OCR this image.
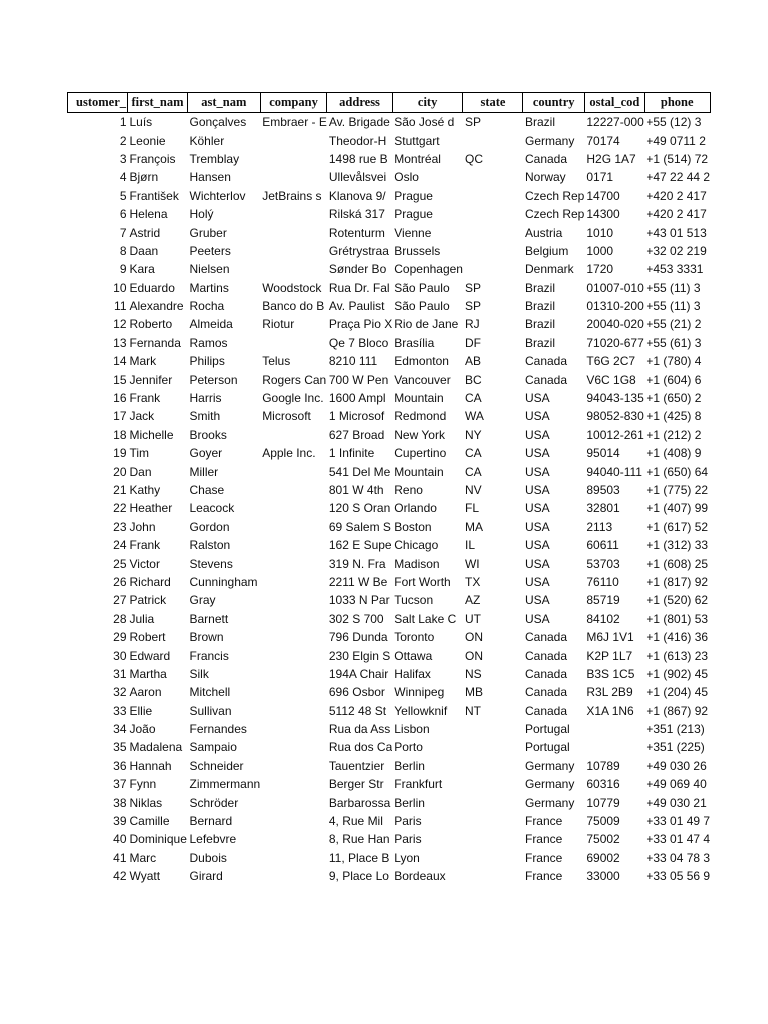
ustomer_	first_nam	ast_nam	company	address	city	state	country	ostal_cod	phone
1	Luís	Gonçalves	Embraer - E	Av. Brigade	São José d	SP	Brazil	12227-000	+55 (12) 3
2	Leonie	Köhler		Theodor-H	Stuttgart		Germany	70174	+49 0711 2
3	François	Tremblay		1498 rue B	Montréal	QC	Canada	H2G 1A7	+1 (514) 72
4	Bjørn	Hansen		Ullevålsvei	Oslo		Norway	0171	+47 22 44 2
5	František	Wichterlov	JetBrains s	Klanova 9/	Prague		Czech Rep	14700	+420 2 417
6	Helena	Holý		Rilská 317	Prague		Czech Rep	14300	+420 2 417
7	Astrid	Gruber		Rotenturm	Vienne		Austria	1010	+43 01 513
8	Daan	Peeters		Grétrystraa	Brussels		Belgium	1000	+32 02 219
9	Kara	Nielsen		Sønder Bo	Copenhagen		Denmark	1720	+453 3331
10	Eduardo	Martins	Woodstock	Rua Dr. Fal	São Paulo	SP	Brazil	01007-010	+55 (11) 3
11	Alexandre	Rocha	Banco do B	Av. Paulist	São Paulo	SP	Brazil	01310-200	+55 (11) 3
12	Roberto	Almeida	Riotur	Praça Pio X	Rio de Jane	RJ	Brazil	20040-020	+55 (21) 2
13	Fernanda	Ramos		Qe 7 Bloco	Brasília	DF	Brazil	71020-677	+55 (61) 3
14	Mark	Philips	Telus	8210 111	Edmonton	AB	Canada	T6G 2C7	+1 (780) 4
15	Jennifer	Peterson	Rogers Can	700 W Pen	Vancouver	BC	Canada	V6C 1G8	+1 (604) 6
16	Frank	Harris	Google Inc.	1600 Ampl	Mountain	CA	USA	94043-135	+1 (650) 2
17	Jack	Smith	Microsoft	1 Microsof	Redmond	WA	USA	98052-830	+1 (425) 8
18	Michelle	Brooks		627 Broad	New York	NY	USA	10012-261	+1 (212) 2
19	Tim	Goyer	Apple Inc.	1 Infinite	Cupertino	CA	USA	95014	+1 (408) 9
20	Dan	Miller		541 Del Me	Mountain	CA	USA	94040-111	+1 (650) 64
21	Kathy	Chase		801 W 4th	Reno	NV	USA	89503	+1 (775) 22
22	Heather	Leacock		120 S Oran	Orlando	FL	USA	32801	+1 (407) 99
23	John	Gordon		69 Salem S	Boston	MA	USA	2113	+1 (617) 52
24	Frank	Ralston		162 E Supe	Chicago	IL	USA	60611	+1 (312) 33
25	Victor	Stevens		319 N. Fra	Madison	WI	USA	53703	+1 (608) 25
26	Richard	Cunningham		2211 W Be	Fort Worth	TX	USA	76110	+1 (817) 92
27	Patrick	Gray		1033 N Par	Tucson	AZ	USA	85719	+1 (520) 62
28	Julia	Barnett		302 S 700	Salt Lake C	UT	USA	84102	+1 (801) 53
29	Robert	Brown		796 Dunda	Toronto	ON	Canada	M6J 1V1	+1 (416) 36
30	Edward	Francis		230 Elgin S	Ottawa	ON	Canada	K2P 1L7	+1 (613) 23
31	Martha	Silk		194A Chair	Halifax	NS	Canada	B3S 1C5	+1 (902) 45
32	Aaron	Mitchell		696 Osbor	Winnipeg	MB	Canada	R3L 2B9	+1 (204) 45
33	Ellie	Sullivan		5112 48 St	Yellowknif	NT	Canada	X1A 1N6	+1 (867) 92
34	João	Fernandes		Rua da Ass	Lisbon		Portugal		+351 (213)
35	Madalena	Sampaio		Rua dos Ca	Porto		Portugal		+351 (225)
36	Hannah	Schneider		Tauentzier	Berlin		Germany	10789	+49 030 26
37	Fynn	Zimmermann		Berger Str	Frankfurt		Germany	60316	+49 069 40
38	Niklas	Schröder		Barbarossa	Berlin		Germany	10779	+49 030 21
39	Camille	Bernard		4, Rue Mil	Paris		France	75009	+33 01 49 7
40	Dominique	Lefebvre		8, Rue Han	Paris		France	75002	+33 01 47 4
41	Marc	Dubois		11, Place B	Lyon		France	69002	+33 04 78 3
42	Wyatt	Girard		9, Place Lo	Bordeaux		France	33000	+33 05 56 9
